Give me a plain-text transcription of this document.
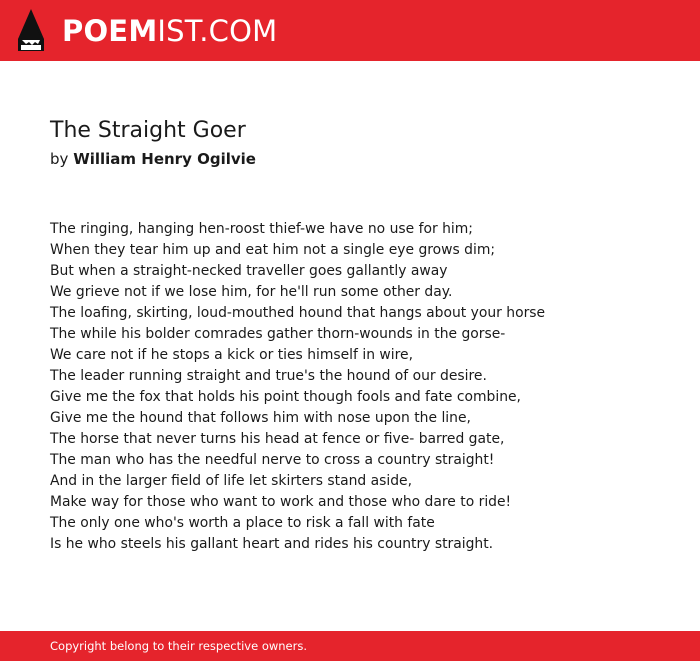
POEMIST.COM
The Straight Goer
by William Henry Ogilvie
The ringing, hanging hen-roost thief-we have no use for him;
When they tear him up and eat him not a single eye grows dim;
But when a straight-necked traveller goes gallantly away
We grieve not if we lose him, for he'll run some other day.
The loafing, skirting, loud-mouthed hound that hangs about your horse
The while his bolder comrades gather thorn-wounds in the gorse-
We care not if he stops a kick or ties himself in wire,
The leader running straight and true's the hound of our desire.
Give me the fox that holds his point though fools and fate combine,
Give me the hound that follows him with nose upon the line,
The horse that never turns his head at fence or five- barred gate,
The man who has the needful nerve to cross a country straight!
And in the larger field of life let skirters stand aside,
Make way for those who want to work and those who dare to ride!
The only one who's worth a place to risk a fall with fate
Is he who steels his gallant heart and rides his country straight.
Copyright belong to their respective owners.
